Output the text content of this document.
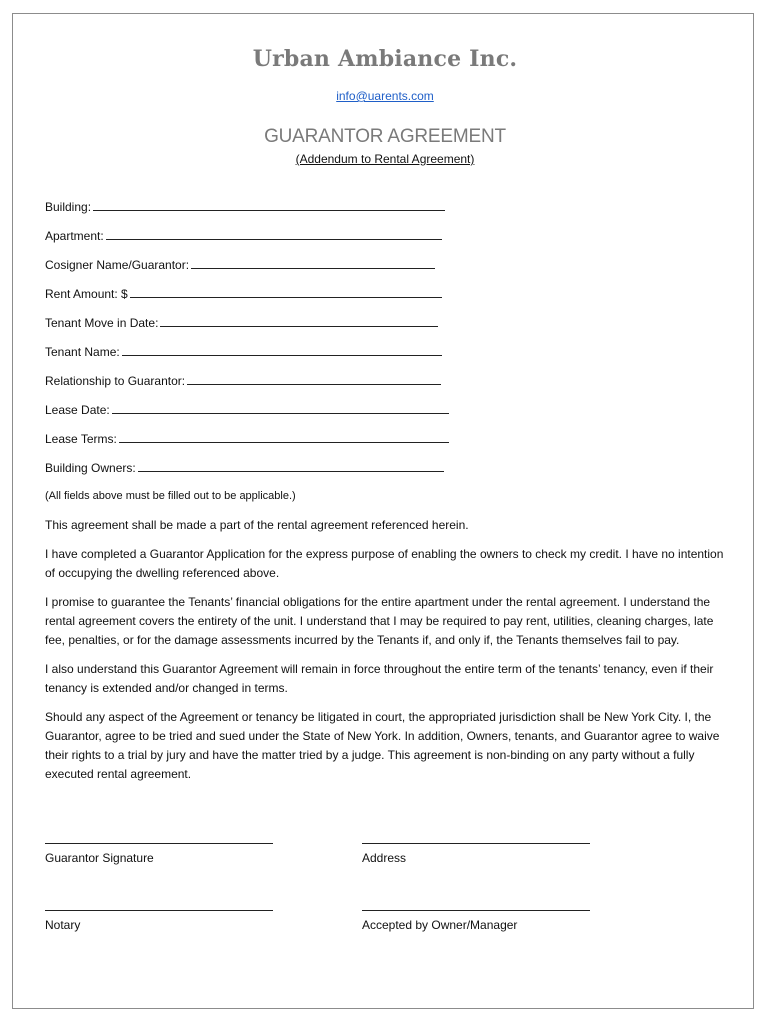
Urban Ambiance Inc.
info@uarents.com
GUARANTOR AGREEMENT
(Addendum to Rental Agreement)
Building:
Apartment:
Cosigner Name/Guarantor:
Rent Amount: $
Tenant Move in Date:
Tenant Name:
Relationship to Guarantor:
Lease Date:
Lease Terms:
Building Owners:
(All fields above must be filled out to be applicable.)

This agreement shall be made a part of the rental agreement referenced herein.

I have completed a Guarantor Application for the express purpose of enabling the owners to check my credit. I have no intention of occupying the dwelling referenced above.

I promise to guarantee the Tenants’ financial obligations for the entire apartment under the rental agreement. I understand the rental agreement covers the entirety of the unit. I understand that I may be required to pay rent, utilities, cleaning charges, late fee, penalties, or for the damage assessments incurred by the Tenants if, and only if, the Tenants themselves fail to pay.

I also understand this Guarantor Agreement will remain in force throughout the entire term of the tenants’ tenancy, even if their tenancy is extended and/or changed in terms.

Should any aspect of the Agreement or tenancy be litigated in court, the appropriated jurisdiction shall be New York City. I, the Guarantor, agree to be tried and sued under the State of New York. In addition, Owners, tenants, and Guarantor agree to waive their rights to a trial by jury and have the matter tried by a judge. This agreement is non-binding on any party without a fully executed rental agreement.

Guarantor Signature	Address
Notary	Accepted by Owner/Manager
